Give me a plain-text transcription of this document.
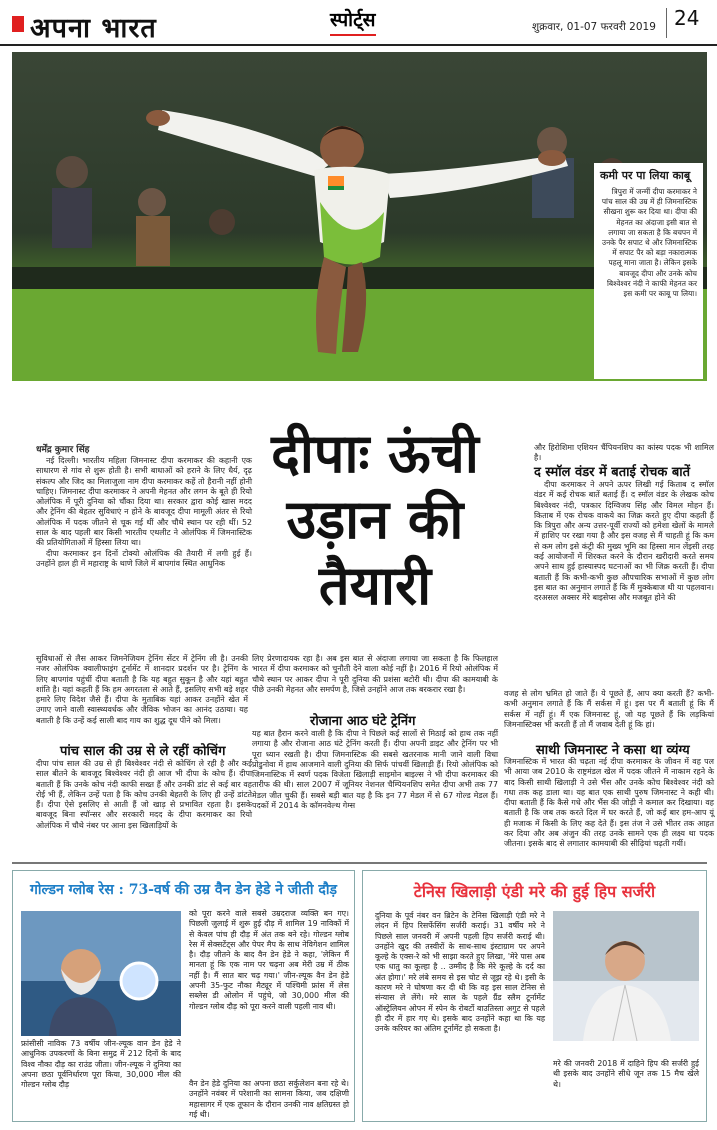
अपना भारत	स्पोर्ट्स	शुक्रवार, 01-07 फरवरी 2019 24
कमी पर पा लिया काबू
त्रिपुरा में जन्मीं दीपा करमाकर ने पांच साल की उम्र में ही जिमनास्टिक सीखना शुरू कर दिया था। दीपा की मेहनत का अंदाजा इसी बात से लगाया जा सकता है कि बचपन में उनके पैर सपाट थे और जिमनास्टिक में सपाट पैर को बड़ा नकारात्मक पहलू माना जाता है। लेकिन इसके बावजूद दीपा और उनके कोच बिश्वेश्वर नंदी ने काफी मेहनत कर इस कमी पर काबू पा लिया।
धर्मेंद्र कुमार सिंह

नई दिल्ली। भारतीय महिला जिमनास्ट दीपा करमाकर की कहानी एक साधारण से गांव से शुरू होती है। सभी बाधाओं को हराने के लिए धैर्य, दृढ़ संकल्प और जिद का मिलाजुला नाम दीपा करमाकर कहें तो हैरानी नहीं होनी चाहिए। जिमनास्ट दीपा करमाकर ने अपनी मेहनत और लगन के बूते ही रियो ओलंपिक में पूरी दुनिया को चौंका दिया था। सरकार द्वारा कोई खास मदद और ट्रेनिंग की बेहतर सुविधाएं न होने के बावजूद दीपा मामूली अंतर से रियो ओलंपिक में पदक जीतने से चूक गई थीं और चौथे स्थान पर रही थीं। 52 साल के बाद पहली बार किसी भारतीय एथलीट ने ओलंपिक में जिमनास्टिक की प्रतियोगिताओं में हिस्सा लिया था।

दीपा करमाकर इन दिनों टोक्यो ओलंपिक की तैयारी में लगी हुई हैं। उनहोंने हाल ही में महाराष्ट्र के थाणे जिले में बापगांव स्थित आधुनिक

दीपाः ऊंची उड़ान की तैयारी
और हिरोशिमा एशियन चैंपियनशिप का कांस्य पदक भी शामिल है।
द स्मॉल वंडर में बताई रोचक बातें

दीपा करमाकर ने अपने ऊपर लिखी गई किताब द स्मॉल वंडर में कई रोचक बातें बताई हैं। द स्मॉल वंडर के लेखक कोच बिश्वेश्वर नंदी, पत्रकार दिग्विजय सिंह और विमल मोहन हैं। किताब में एक रोचक वाकये का जिक्र करते हुए दीपा कहती हैं कि त्रिपुरा और अन्य उत्तर-पूर्वी राज्यों को हमेशा खेलों के मामले में हाशिए पर रखा गया है और इस वजह से मैं चाहती हूं कि कम से कम लोग इसे कंट्री की मुख्य भूमि का हिस्सा मान लेंइसी तरह कई आयोजनों में शिरकत करने के दौरान खरीदारी करते समय अपने साथ हुई हास्यास्पद घटनाओं का भी जिक्र करती हैं। दीपा बताती हैं कि कभी-कभी कुछ औपचारिक सभाओं में कुछ लोग इस बात का अनुमान लगाते हैं कि मैं मुक्केबाज थी या पहलवान। दरअसल अक्सर मेरे बाइसेप्स और मजबूत होने की

सुविधाओं से लैस आकर जिमनेजियम ट्रेनिंग सेंटर में ट्रेनिंग ली है। उनकी नजर ओलंपिक क्वालीफाइंग टूर्नामेंट में शानदार प्रदर्शन पर है। ट्रेनिंग के लिए बापगांव पहुंचीं दीपा बताती है कि यह बहुत सुकून है और यहां बहुत शांति है। यहां कहती हैं कि हम अगरतला से आते हैं, इसलिए सभी बड़े शहर हमारे लिए विदेश जैसे हैं। दीपा के मुताबिक यहां आकर उनहोंने खेत में उगाए जाने वाली स्वास्थ्यवर्धक और जैविक भोजन का आनंद उठाया। यह बताती है कि उन्हें कई साली बाद गाय का शुद्ध दूध पीने को मिला।
पांच साल की उम्र से ले रहीं कोचिंग
दीपा पांच साल की उम्र से ही बिश्वेश्वर नंदी से कोचिंग ले रही है और कई साल बीतने के बावजूद बिश्वेश्वर नंदी ही आज भी दीपा के कोच हैं। दीपा बताती हैं कि उनके कोच नंदी काफी सख्त हैं और उनकी डांट से कई बार वह रोई भी हैं, लेकिन उन्हें पता है कि कोच उनकी बेहतरी के लिए ही उन्हें डांटते हैं। दीपा ऐसे इसलिए से आती हैं जो खाड़ से प्रभावित रहता है। इसके बावजूद बिना स्पॉन्सर और सरकारी मदद के दीपा करमाकर का रियो ओलंपिक में चौथे नंबर पर आना इस खिलाड़ियों के
लिए प्रेरणादायक रहा है। अब इस बात से अंदाजा लगाया जा सकता है कि फिलहाल भारत में दीपा करमाकर को चुनौती देने वाला कोई नहीं है। 2016 में रियो ओलंपिक में चौथे स्थान पर आकर दीपा ने पूरी दुनिया की प्रशंसा बटोरी थी। दीपा की कामयाबी के पीछे उनकी मेहनत और समर्पण है, जिसे उनहोंने आज तक बरकरार रखा है।
रोजाना आठ घंटे ट्रेनिंग
यह बात हैरान करने वाली है कि दीपा ने पिछले कई सालों से मिठाई को हाथ तक नहीं लगाया है और रोजाना आठ घंटे ट्रेनिंग करती हैं। दीपा अपनी डाइट और ट्रेनिंग पर भी पूरा ध्यान रखती है। दीपा जिमनास्टिक की सबसे खतरनाक मानी जाने वाली विधा प्रोडुनोवा में हाथ आजमाने वाली दुनिया की सिर्फ पांचवीं खिलाड़ी हैं। रियो ओलंपिक को जिमनास्टिक में स्वर्ण पदक विजेता खिलाड़ी साइमोन बाइल्स ने भी दीपा करमाकर की तारीफ की थी। साल 2007 में जूनियर नेशनल चैम्पियनशिप समेत दीपा अभी तक 77 मेडल जीत चुकी हैं। सबसे बड़ी बात यह है कि इन 77 मेडल में से 67 गोल्ड मेडल हैं। पदकों में 2014 के कॉमनवेल्थ गेम्स
वजह से लोग भ्रमित हो जाते हैं। ये पूछते हैं, आप क्या करती हैं? कभी-कभी अनुमान लगाते हैं कि मैं सर्कस में हूं। इस पर मैं बताती हूं कि मैं सर्कस में नहीं हूं। मैं एक जिमनास्ट हूं, जो यह पूछते हैं कि लड़कियां जिमनास्टिक्स भी करती हैं तो मैं जवाब देती हूं कि हां।
साथी जिमनास्ट ने कसा था व्यंग्य
जिमनास्टिक में भारत की चढ़ता नई दीपा करमाकर के जीवन में वह पल भी आया जब 2010 के राष्ट्रमंडल खेल में पदक जीतने में नाकाम रहने के बाद किसी साथी खिलाड़ी ने उसे भैंस और उनके कोच बिश्वेश्वर नंदी को गधा तक कह डाला था। यह बात एक साथी पुरुष जिमनास्ट ने कही थी। दीपा बताती हैं कि कैसे गधे और भैंस की जोड़ी ने कमाल कर दिखाया। वह बताती है कि जब तक करते दिल में घर करते हैं, जो कई बार हम-आप यूं ही मजाक में किसी के लिए कह देते हैं। इस तंज ने उसे भीतर तक आहत कर दिया और अब अंजुन की तरह उनके सामने एक ही लक्ष्य था पदक जीतना। इसके बाद से लगातार कामयाबी की सीढ़ियां चढ़ती गयीं।
गोल्डन ग्लोब रेस : 73-वर्ष की उम्र वैन डेन हेडे ने जीती दौड़
फ्रांसीसी नाविक 73 वर्षीय जीन-ल्यूक वान डेन हेडे ने आधुनिक उपकरणों के बिना समुद्र में 212 दिनों के बाद विश्व नौका दौड़ का राउंड जीता। जीन-ल्यूक ने दुनिया का अपना छठा पूर्वनिर्धारण पूरा किया, 30,000 मील की गोल्डन ग्लोब दौड़
को पूरा करने वाले सबसे उम्रदराज व्यक्ति बन गए। पिछली जुलाई में शुरू हुई दौड़ में शामिल 19 नाविकों में से केवल पांच ही दौड़ में अंत तक बने रहे। गोल्डन ग्लोब रेस में सेक्सटेंट्स और पेपर मैप के साथ नेविगेशन शामिल है। दौड़ जीतने के बाद वैन डेन हेडे ने कहा, 'लेकिन मैं मानता हूं कि एक नाम पर चढ़ना अब मेरी उम्र में ठीक नहीं है। मैं सात बार चढ़ गया।' जीन-ल्यूक वैन डेन हेडे अपनी 35-फुट नौका मैट्यूर में पश्चिमी फ्रांस में लेस सब्लेस डी ओलोन में पहुंचे, जो 30,000 मील की गोल्डन ग्लोब दौड़ को पूरा करने वाली पहली नाव थी।
वैन डेन हेडे दुनिया का अपना छठा सर्कुलेशन बना रहे थे। उनहोंने नवंबर में परेशानी का सामना किया, जब दक्षिणी महासागर में एक तूफान के दौरान उनकी नाव क्षतिग्रस्त हो गई थी।
टेनिस खिलाड़ी एंडी मरे की हुई हिप सर्जरी
दुनिया के पूर्व नंबर वन ब्रिटेन के टेनिस खिलाड़ी एंडी मरे ने लंदन में हिप रिसर्फेसिंग सर्जरी कराई। 31 वर्षीय मरे ने पिछले साल जनवरी में अपनी पहली हिप सर्जरी कराई थी। उनहोंने खुद की तस्वीरों के साथ-साथ इंस्टाग्राम पर अपने कूल्हे के एक्स-रे को भी साझा करते हुए लिखा, 'मेरे पास अब एक धातु का कूल्हा है .. उम्मीद है कि मेरे कूल्हे के दर्द का अंत होगा।' मरे लंबे समय से इस चोट से जूझ रहे थे। इसी के कारण मरे ने घोषणा कर दी थी कि वह इस साल टेनिस से संन्यास ले लेंगे। मरे साल के पहले ग्रैंड स्लैम टूर्नामेंट ऑस्ट्रेलियन ओपन में स्पेन के रोबर्टो बाउतिस्ता अगुट से पहले ही दौर में हार गए थे। इसके बाद उनहोंने कहा था कि यह उनके करियर का अंतिम टूर्नामेंट हो सकता है।
मरे की जनवरी 2018 में दाहिने हिप की सर्जरी हुई थी इसके बाद उनहोंने सीधे जून तक 15 मैच खेले थे।
